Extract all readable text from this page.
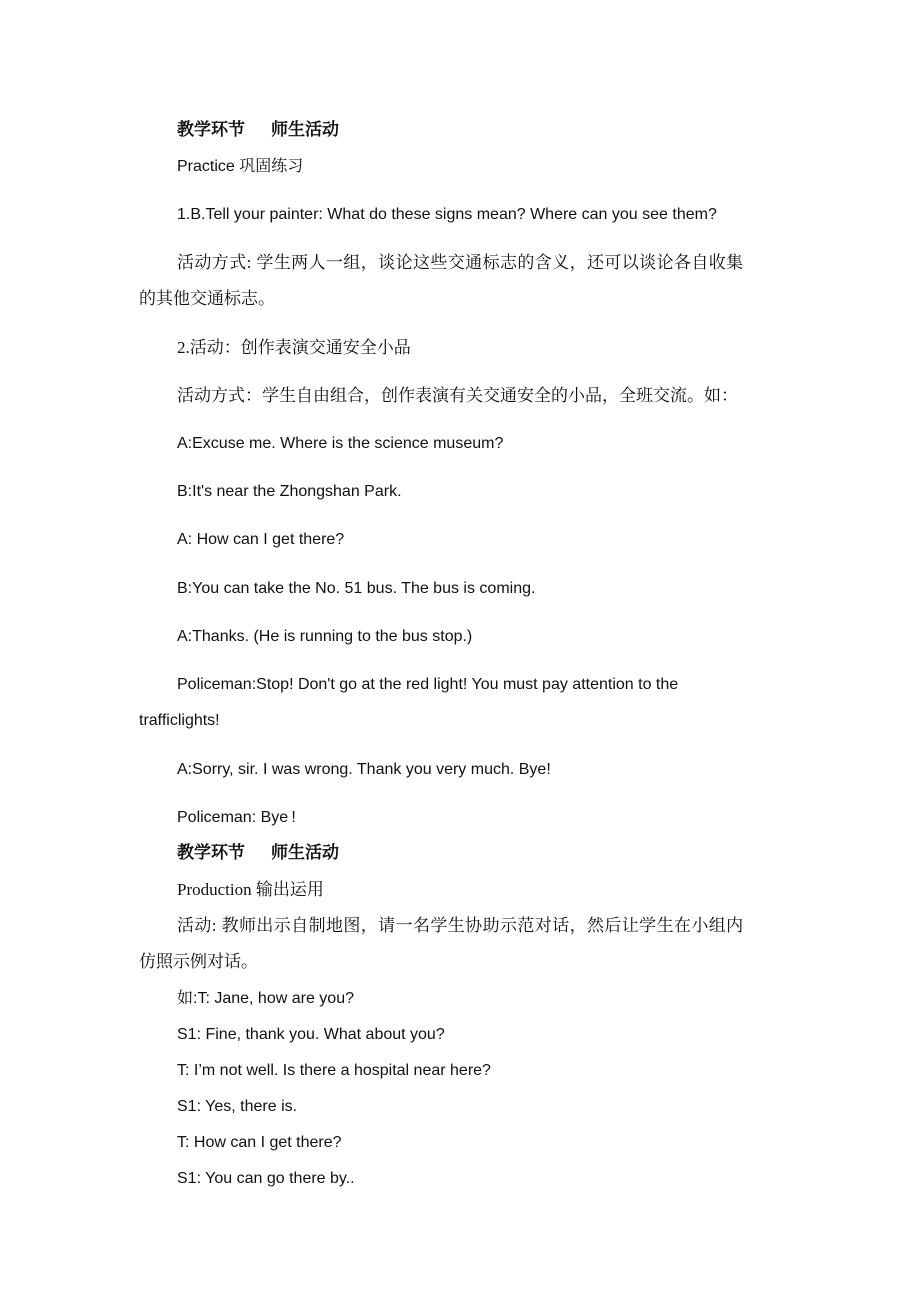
教学环节 师生活动
Practice 巩固练习
1.B.Tell your painter: What do these signs mean? Where can you see them?
活动方式: 学生两人一组，谈论这些交通标志的含义，还可以谈论各自收集
的其他交通标志。
2.活动：创作表演交通安全小品
活动方式：学生自由组合，创作表演有关交通安全的小品，全班交流。如：
A:Excuse me. Where is the science museum?
B:It's near the Zhongshan Park.
A: How can I get there?
B:You can take the No. 51 bus. The bus is coming.
A:Thanks. (He is running to the bus stop.)
Policeman:Stop! Don't go at the red light! You must pay attention to the
trafficlights!
A:Sorry, sir. I was wrong. Thank you very much. Bye!
Policeman: Bye !
教学环节 师生活动
Production 输出运用
活动: 教师出示自制地图，请一名学生协助示范对话，然后让学生在小组内
仿照示例对话。
如:T: Jane, how are you?
S1: Fine, thank you. What about you?
T: I’m not well. Is there a hospital near here?
S1: Yes, there is.
T: How can I get there?
S1: You can go there by..
